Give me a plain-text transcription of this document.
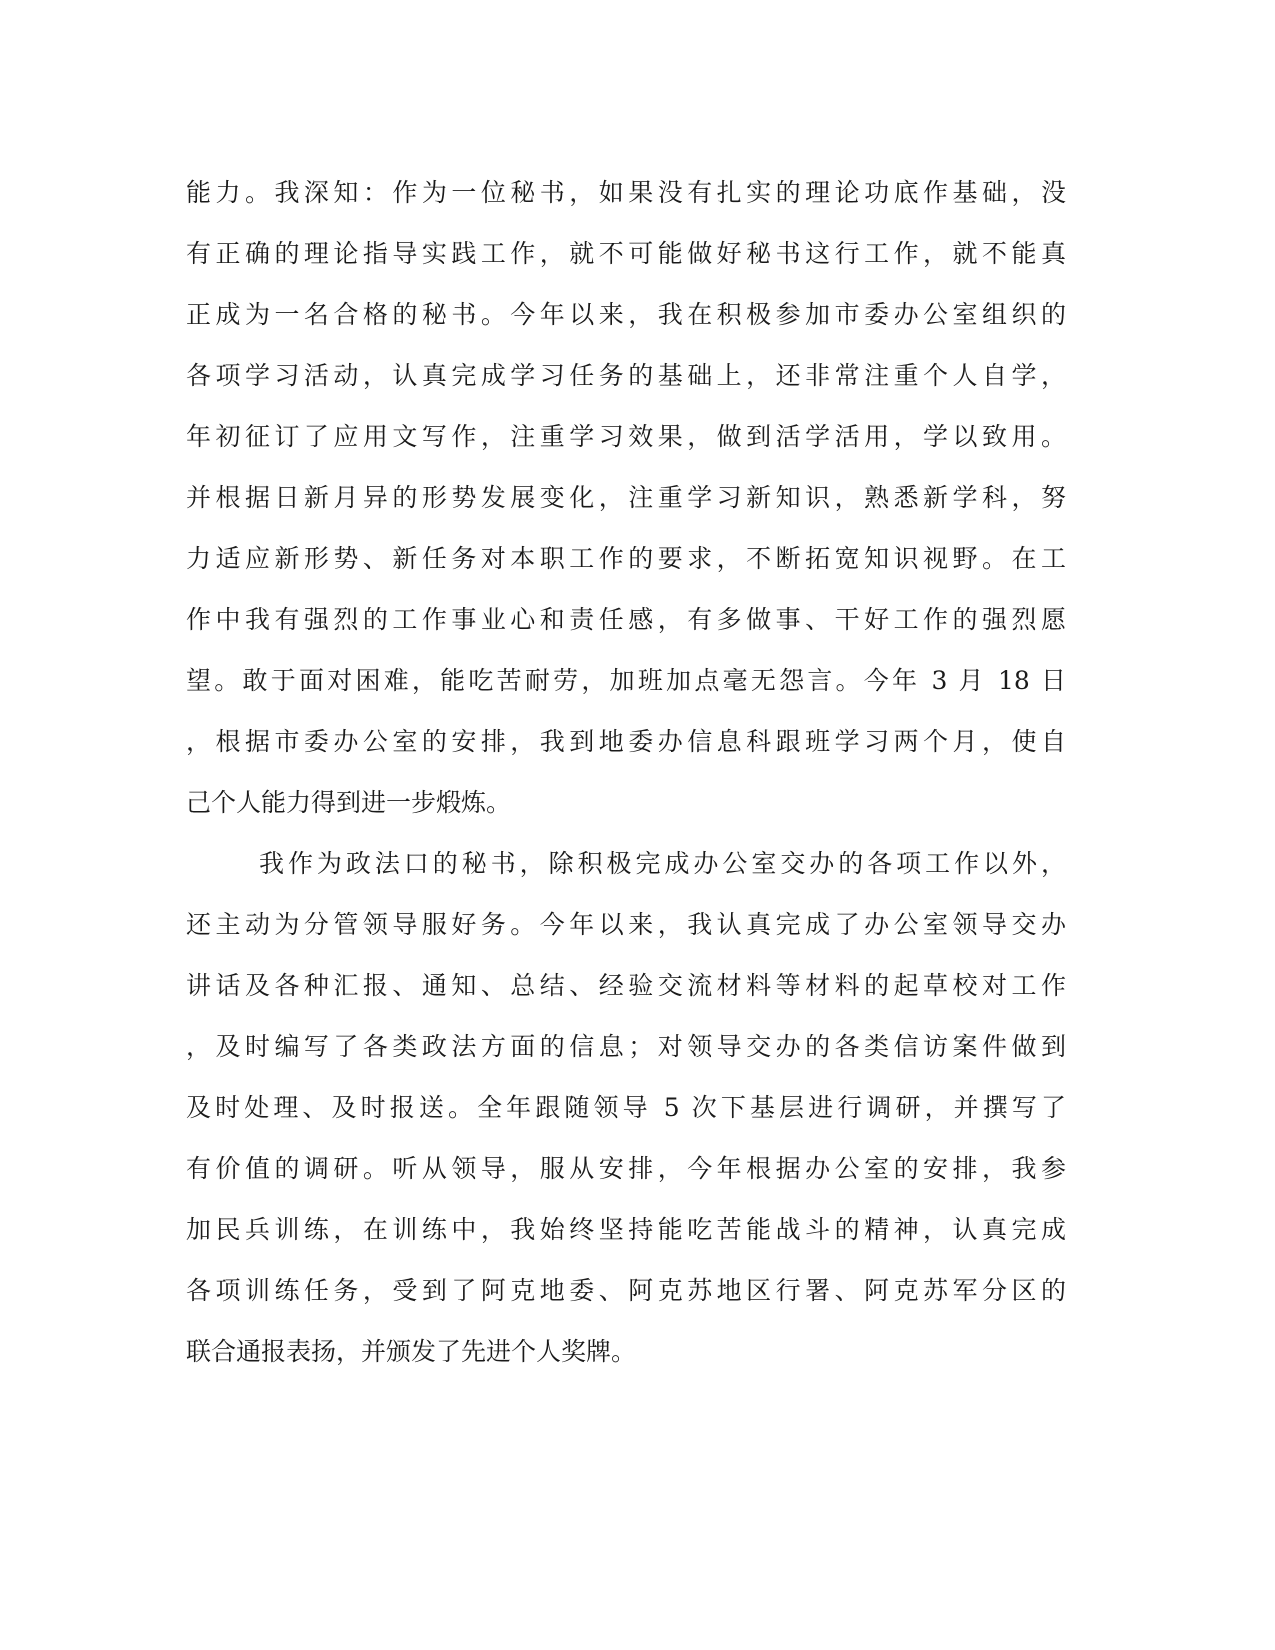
能力。我深知：作为一位秘书，如果没有扎实的理论功底作基础，没
有正确的理论指导实践工作，就不可能做好秘书这行工作，就不能真
正成为一名合格的秘书。今年以来，我在积极参加市委办公室组织的
各项学习活动，认真完成学习任务的基础上，还非常注重个人自学，
年初征订了应用文写作，注重学习效果，做到活学活用，学以致用。
并根据日新月异的形势发展变化，注重学习新知识，熟悉新学科，努
力适应新形势、新任务对本职工作的要求，不断拓宽知识视野。在工
作中我有强烈的工作事业心和责任感，有多做事、干好工作的强烈愿
望。敢于面对困难，能吃苦耐劳，加班加点毫无怨言。今年 3 月 18 日
，根据市委办公室的安排，我到地委办信息科跟班学习两个月，使自
己个人能力得到进一步煅炼。
我作为政法口的秘书，除积极完成办公室交办的各项工作以外，
还主动为分管领导服好务。今年以来，我认真完成了办公室领导交办
讲话及各种汇报、通知、总结、经验交流材料等材料的起草校对工作
，及时编写了各类政法方面的信息；对领导交办的各类信访案件做到
及时处理、及时报送。全年跟随领导 5 次下基层进行调研，并撰写了
有价值的调研。听从领导，服从安排，今年根据办公室的安排，我参
加民兵训练，在训练中，我始终坚持能吃苦能战斗的精神，认真完成
各项训练任务，受到了阿克地委、阿克苏地区行署、阿克苏军分区的
联合通报表扬，并颁发了先进个人奖牌。
